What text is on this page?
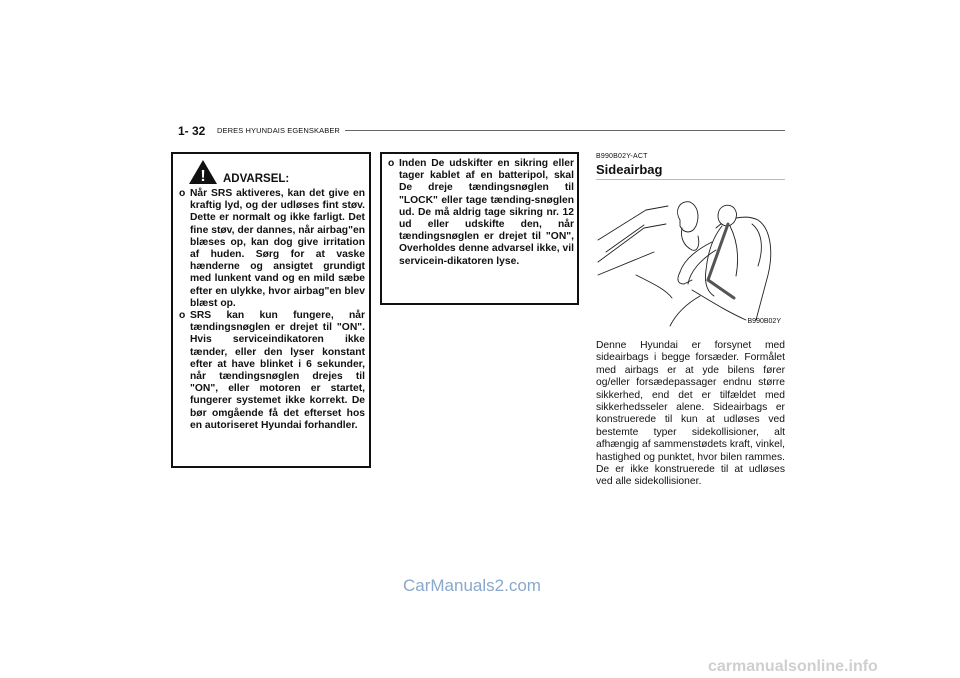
1- 32 DERES HYUNDAIS EGENSKABER
! ADVARSEL:
o Når SRS aktiveres, kan det give en kraftig lyd, og der udløses fint støv. Dette er normalt og ikke farligt. Det fine støv, der dannes, når airbag"en blæses op, kan dog give irritation af huden. Sørg for at vaske hænderne og ansigtet grundigt med lunkent vand og en mild sæbe efter en ulykke, hvor airbag"en blev blæst op.
o SRS kan kun fungere, når tændingsnøglen er drejet til "ON". Hvis serviceindikatoren ikke tænder, eller den lyser konstant efter at have blinket i 6 sekunder, når tændingsnøglen drejes til "ON", eller motoren er startet, fungerer systemet ikke korrekt. De bør omgående få det efterset hos en autoriseret Hyundai forhandler.
o Inden De udskifter en sikring eller tager kablet af en batteripol, skal De dreje tændingsnøglen til "LOCK" eller tage tænding-snøglen ud. De må aldrig tage sikring nr. 12 ud eller udskifte den, når tændingsnøglen er drejet til "ON", Overholdes denne advarsel ikke, vil servicein-dikatoren lyse.
B990B02Y-ACT
Sideairbag
B990B02Y
Denne Hyundai er forsynet med sideairbags i begge forsæder. Formålet med airbags er at yde bilens fører og/eller forsædepassager endnu større sikkerhed, end det er tilfældet med sikkerhedsseler alene. Sideairbags er konstruerede til kun at udløses ved bestemte typer sidekollisioner, alt afhængig af sammenstødets kraft, vinkel, hastighed og punktet, hvor bilen rammes. De er ikke konstruerede til at udløses ved alle sidekollisioner.
CarManuals2.com
carmanualsonline.info
